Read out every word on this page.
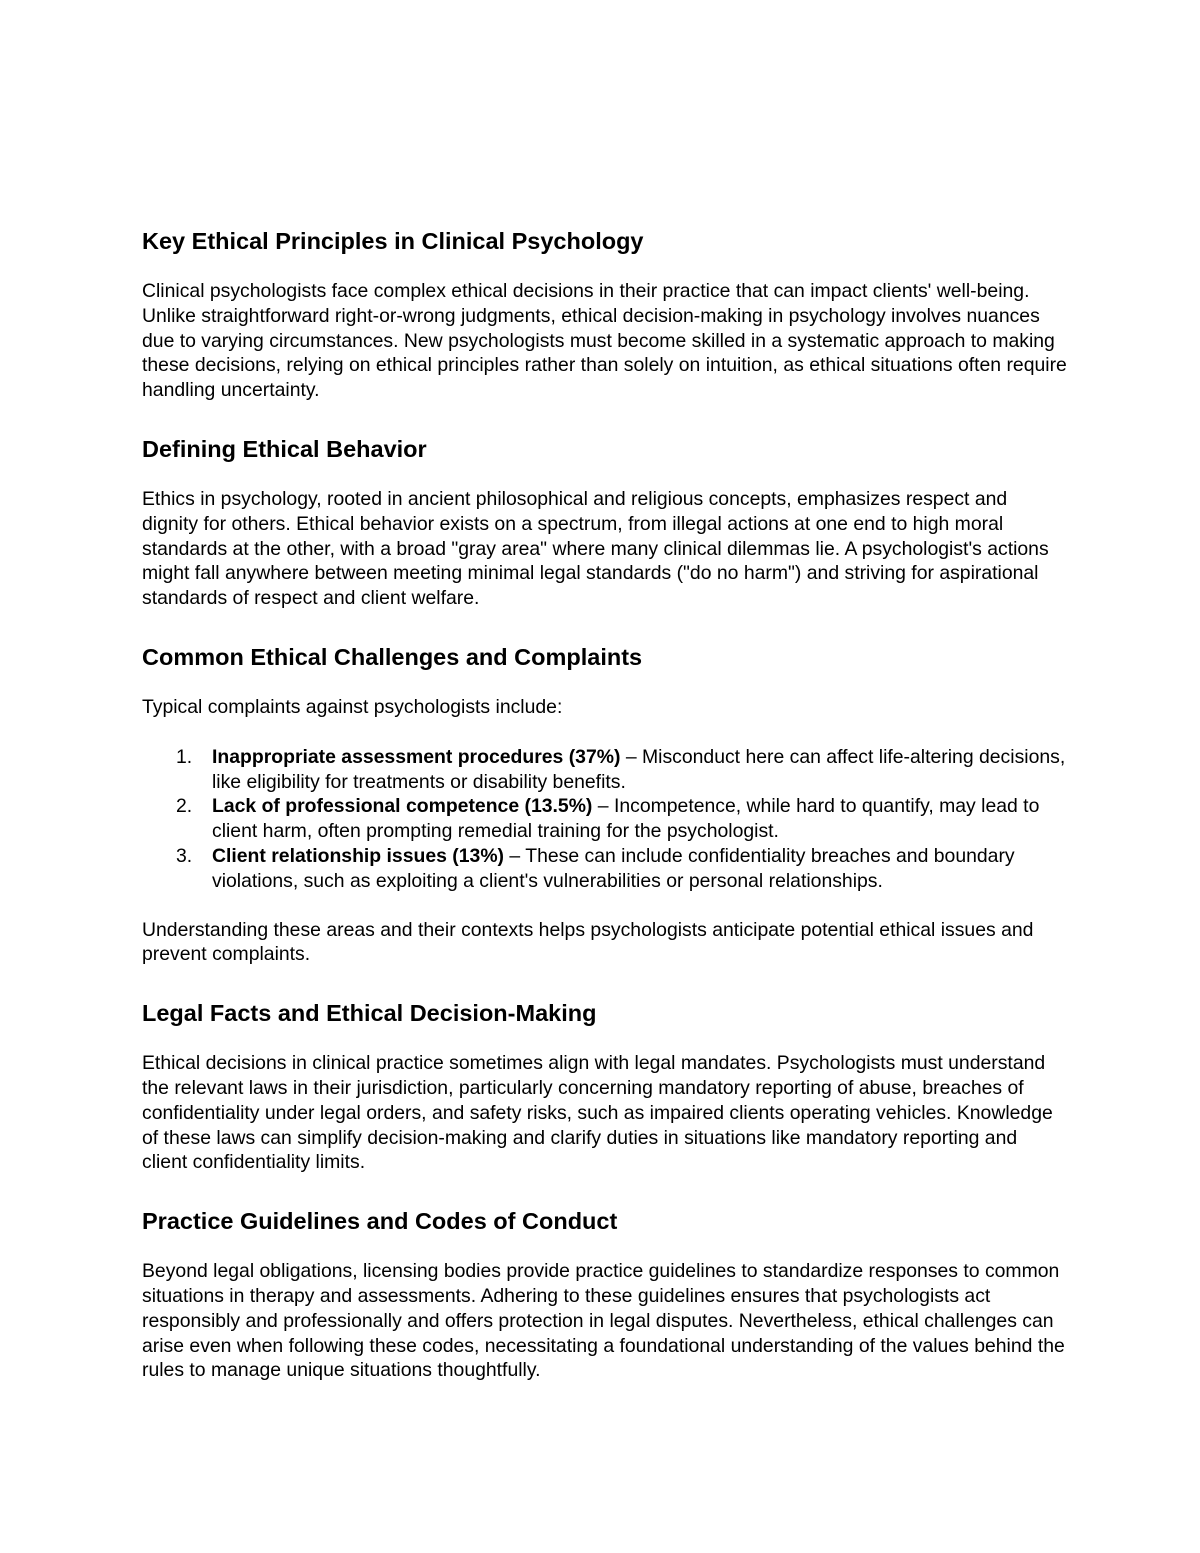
Key Ethical Principles in Clinical Psychology

Clinical psychologists face complex ethical decisions in their practice that can impact clients' well-being. Unlike straightforward right-or-wrong judgments, ethical decision-making in psychology involves nuances due to varying circumstances. New psychologists must become skilled in a systematic approach to making these decisions, relying on ethical principles rather than solely on intuition, as ethical situations often require handling uncertainty.

Defining Ethical Behavior

Ethics in psychology, rooted in ancient philosophical and religious concepts, emphasizes respect and dignity for others. Ethical behavior exists on a spectrum, from illegal actions at one end to high moral standards at the other, with a broad "gray area" where many clinical dilemmas lie. A psychologist's actions might fall anywhere between meeting minimal legal standards ("do no harm") and striving for aspirational standards of respect and client welfare.

Common Ethical Challenges and Complaints

Typical complaints against psychologists include:

1. Inappropriate assessment procedures (37%) – Misconduct here can affect life-altering decisions, like eligibility for treatments or disability benefits.
2. Lack of professional competence (13.5%) – Incompetence, while hard to quantify, may lead to client harm, often prompting remedial training for the psychologist.
3. Client relationship issues (13%) – These can include confidentiality breaches and boundary violations, such as exploiting a client's vulnerabilities or personal relationships.

Understanding these areas and their contexts helps psychologists anticipate potential ethical issues and prevent complaints.

Legal Facts and Ethical Decision-Making

Ethical decisions in clinical practice sometimes align with legal mandates. Psychologists must understand the relevant laws in their jurisdiction, particularly concerning mandatory reporting of abuse, breaches of confidentiality under legal orders, and safety risks, such as impaired clients operating vehicles. Knowledge of these laws can simplify decision-making and clarify duties in situations like mandatory reporting and client confidentiality limits.

Practice Guidelines and Codes of Conduct

Beyond legal obligations, licensing bodies provide practice guidelines to standardize responses to common situations in therapy and assessments. Adhering to these guidelines ensures that psychologists act responsibly and professionally and offers protection in legal disputes. Nevertheless, ethical challenges can arise even when following these codes, necessitating a foundational understanding of the values behind the rules to manage unique situations thoughtfully.
